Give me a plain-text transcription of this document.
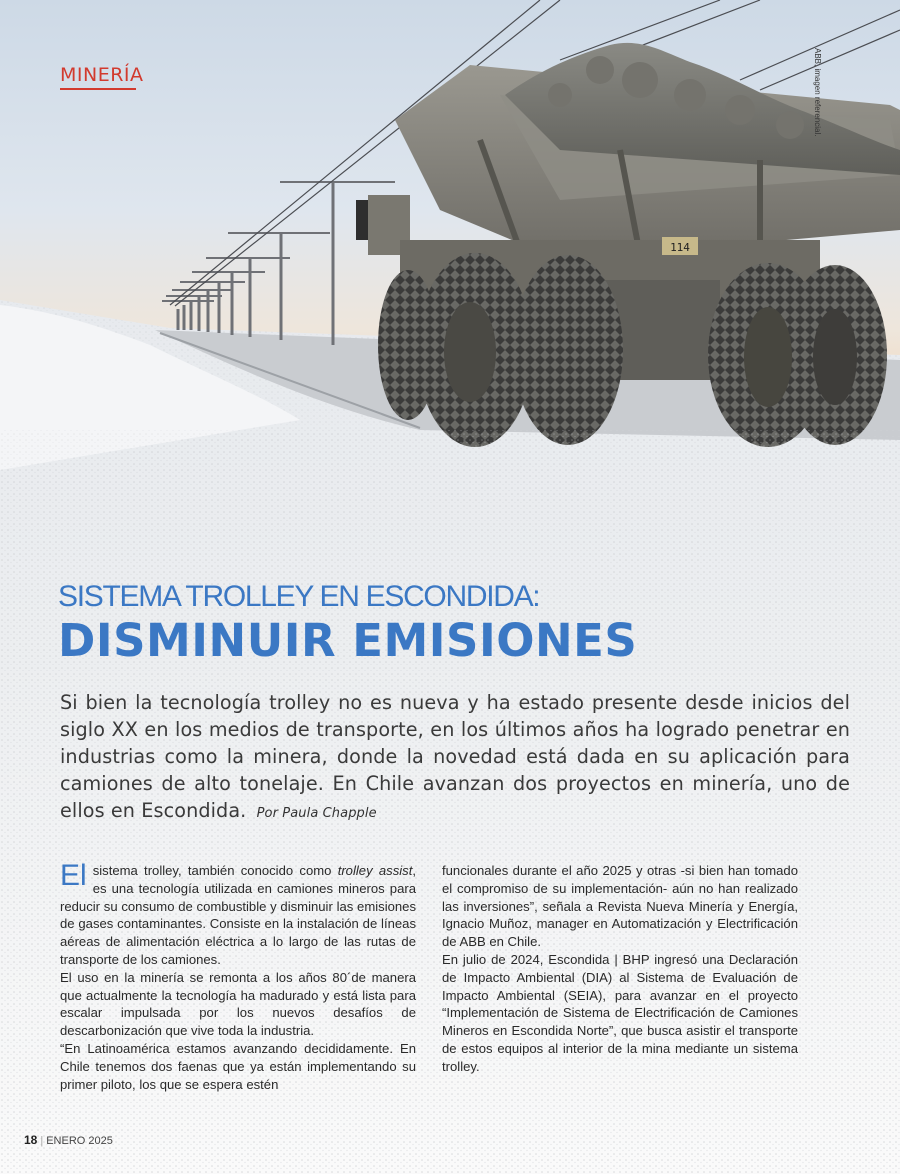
114
MINERÍA	ABB, imagen referencial.
SISTEMA TROLLEY EN ESCONDIDA:
DISMINUIR EMISIONES
Si bien la tecnología trolley no es nueva y ha estado presente desde inicios del siglo XX en los medios de transporte, en los últimos años ha logrado penetrar en industrias como la minera, donde la novedad está dada en su aplicación para camiones de alto tonelaje. En Chile avanzan dos proyectos en minería, uno de ellos en Escondida. Por Paula Chapple

El sistema trolley, también conocido como trolley assist, es una tecnología utilizada en camiones mineros para reducir su consumo de combustible y disminuir las emisiones de gases contaminantes. Consiste en la instalación de líneas aéreas de alimentación eléctrica a lo largo de las rutas de transporte de los camiones.

El uso en la minería se remonta a los años 80´de manera que actualmente la tecnología ha madurado y está lista para escalar impulsada por los nuevos desafíos de descarbonización que vive toda la industria.

“En Latinoamérica estamos avanzando decididamente. En Chile tenemos dos faenas que ya están implementando su primer piloto, los que se espera estén

funcionales durante el año 2025 y otras -si bien han tomado el compromiso de su implementación- aún no han realizado las inversiones”, señala a Revista Nueva Minería y Energía, Ignacio Muñoz, manager en Automatización y Electrificación de ABB en Chile.

En julio de 2024, Escondida | BHP ingresó una Declaración de Impacto Ambiental (DIA) al Sistema de Evaluación de Impacto Ambiental (SEIA), para avanzar en el proyecto “Implementación de Sistema de Electrificación de Camiones Mineros en Escondida Norte”, que busca asistir el transporte de estos equipos al interior de la mina mediante un sistema trolley.

18 | ENERO 2025
